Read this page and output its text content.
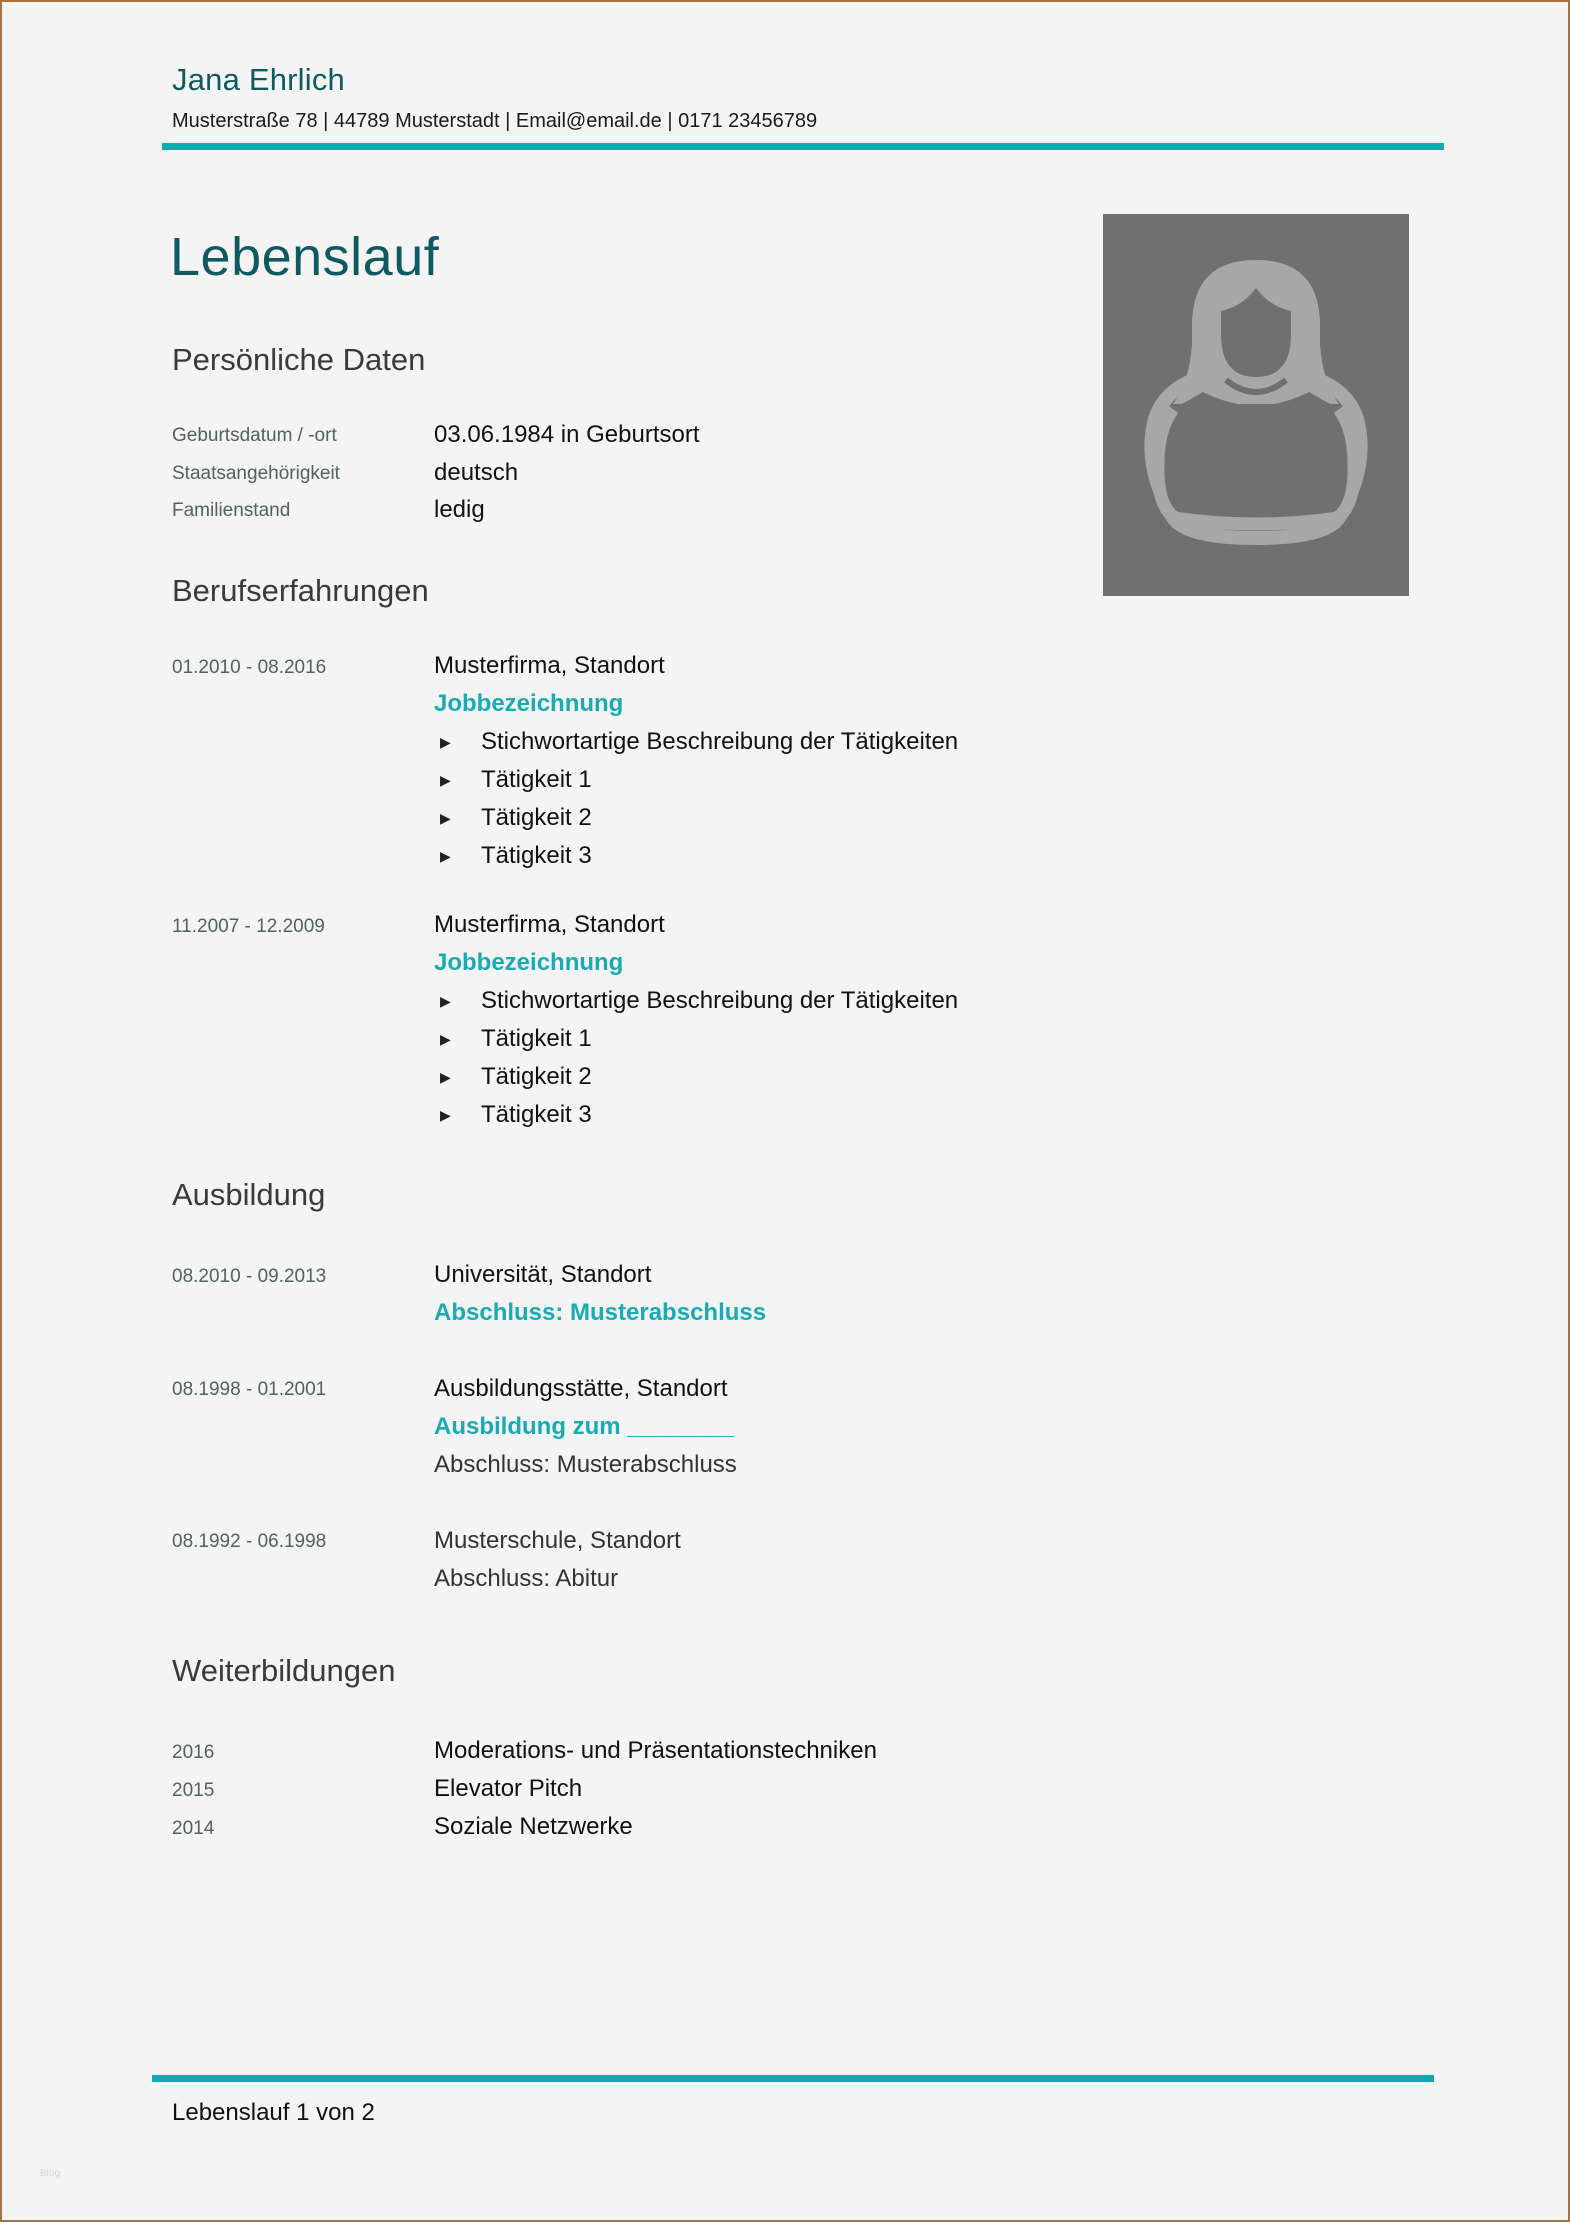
Jana Ehrlich
Musterstraße 78 | 44789 Musterstadt | Email@email.de | 0171 23456789
Lebenslauf
Persönliche Daten
Geburtsdatum / -ort	03.06.1984 in Geburtsort
Staatsangehörigkeit	deutsch
Familienstand	ledig
Berufserfahrungen
01.2010 - 08.2016	Musterfirma, Standort
Jobbezeichnung
▶ Stichwortartige Beschreibung der Tätigkeiten
▶ Tätigkeit 1
▶ Tätigkeit 2
▶ Tätigkeit 3
11.2007 - 12.2009	Musterfirma, Standort
Jobbezeichnung
▶ Stichwortartige Beschreibung der Tätigkeiten
▶ Tätigkeit 1
▶ Tätigkeit 2
▶ Tätigkeit 3
Ausbildung
08.2010 - 09.2013	Universität, Standort
Abschluss: Musterabschluss
08.1998 - 01.2001	Ausbildungsstätte, Standort
Ausbildung zum ________
Abschluss: Musterabschluss
08.1992 - 06.1998	Musterschule, Standort
Abschluss: Abitur
Weiterbildungen
2016	Moderations- und Präsentationstechniken
2015	Elevator Pitch
2014	Soziale Netzwerke
Lebenslauf 1 von 2
Blog
